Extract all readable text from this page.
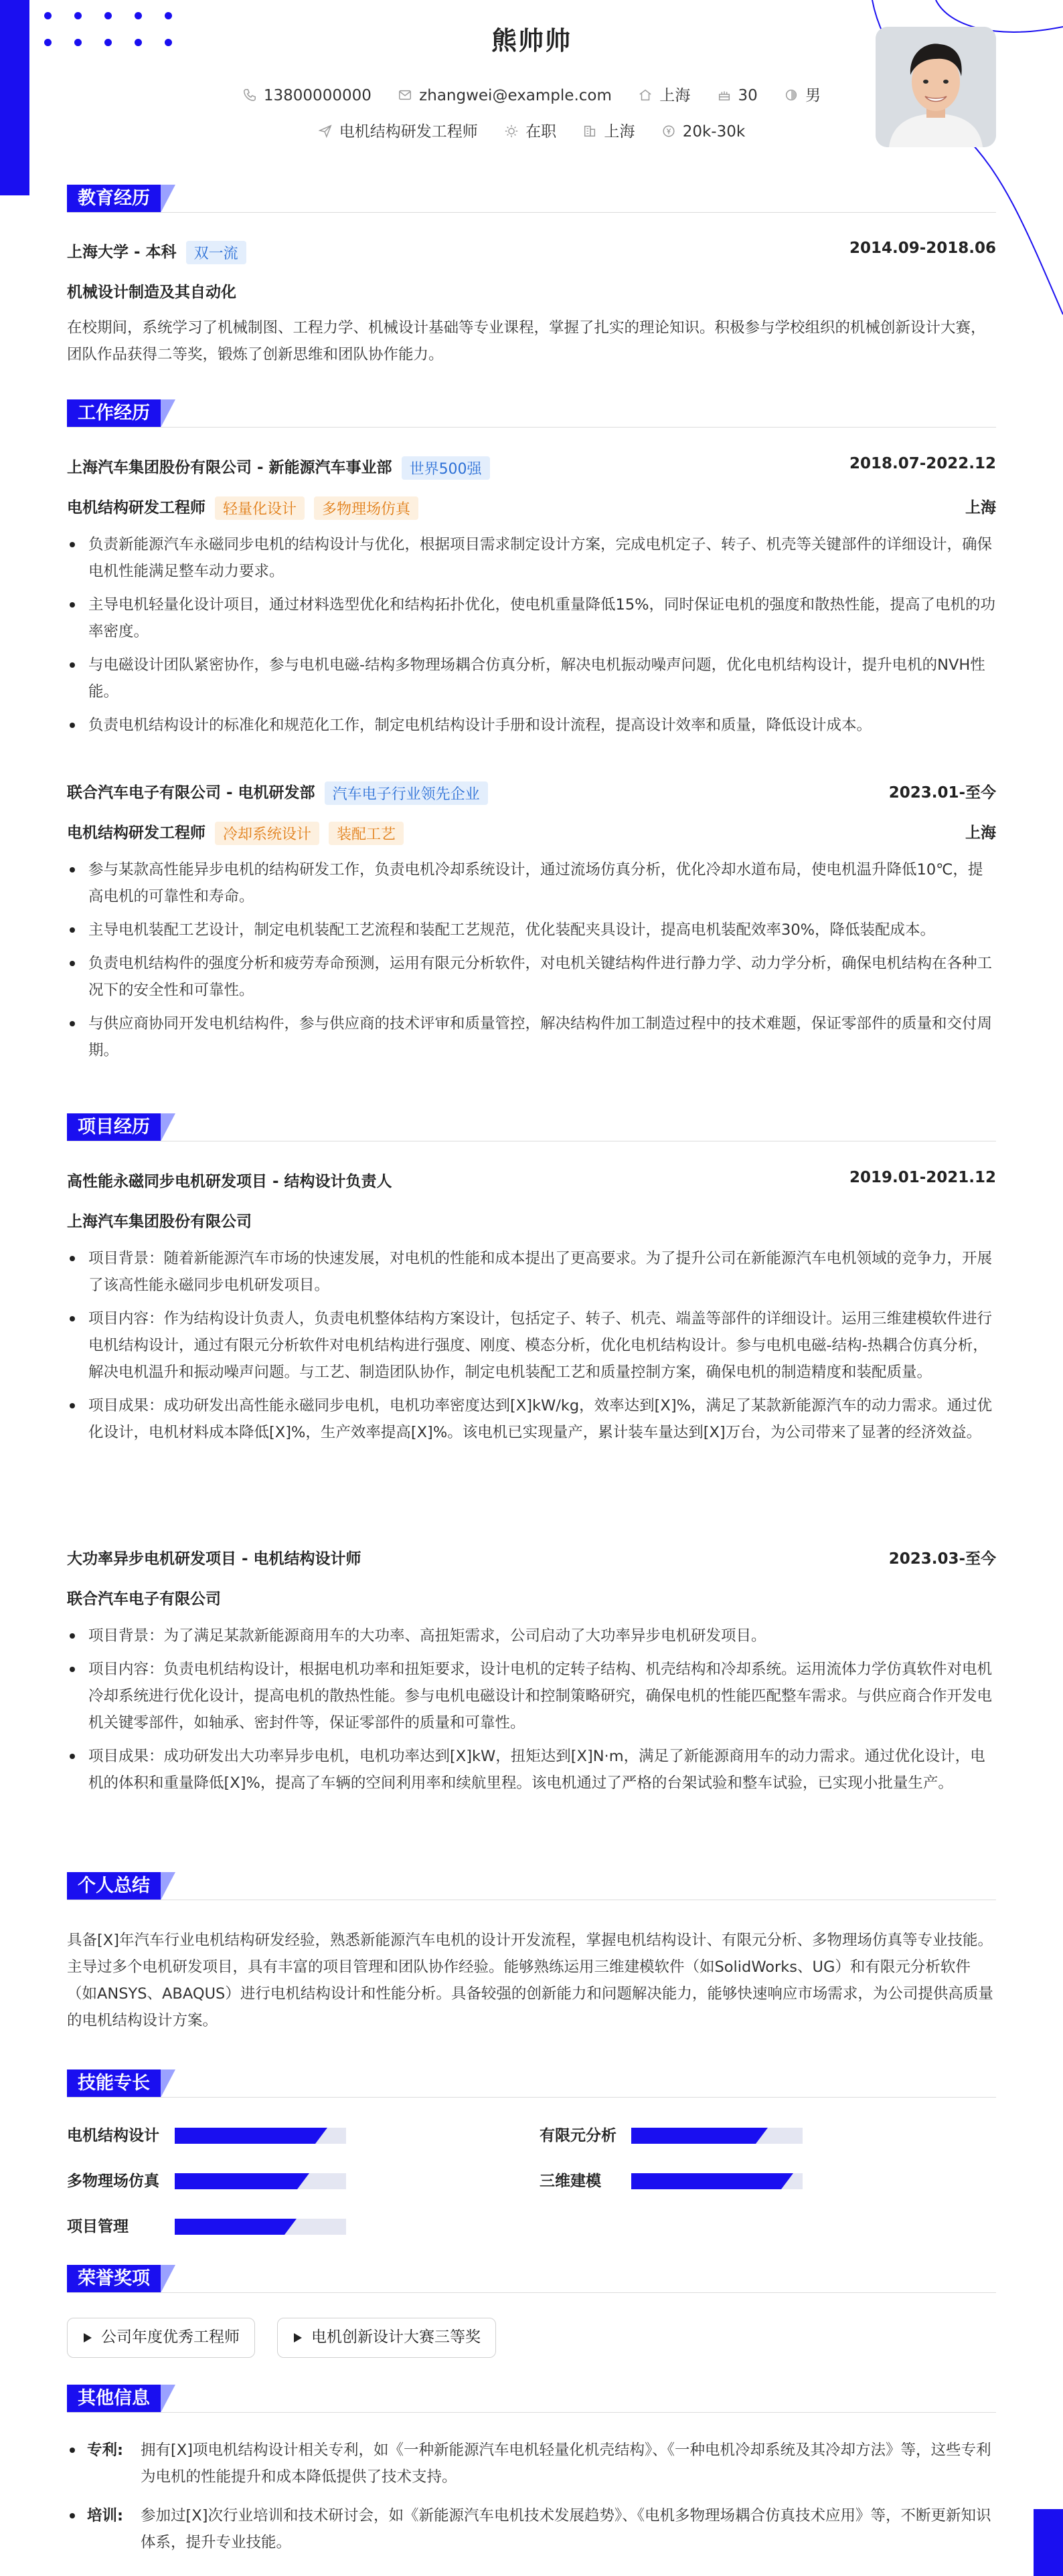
熊帅帅
13800000000	zhangwei@example.com	上海	30	男
电机结构研发工程师	在职	上海	20k-30k
教育经历
上海大学 - 本科 双一流	2014.09-2018.06
机械设计制造及其自动化
在校期间，系统学习了机械制图、工程力学、机械设计基础等专业课程，掌握了扎实的理论知识。积极参与学校组织的机械创新设计大赛，团队作品获得二等奖，锻炼了创新思维和团队协作能力。
工作经历
上海汽车集团股份有限公司 - 新能源汽车事业部 世界500强	2018.07-2022.12
电机结构研发工程师 轻量化设计 多物理场仿真	上海
负责新能源汽车永磁同步电机的结构设计与优化，根据项目需求制定设计方案，完成电机定子、转子、机壳等关键部件的详细设计，确保电机性能满足整车动力要求。
主导电机轻量化设计项目，通过材料选型优化和结构拓扑优化，使电机重量降低15%，同时保证电机的强度和散热性能，提高了电机的功率密度。
与电磁设计团队紧密协作，参与电机电磁-结构多物理场耦合仿真分析，解决电机振动噪声问题，优化电机结构设计，提升电机的NVH性能。
负责电机结构设计的标准化和规范化工作，制定电机结构设计手册和设计流程，提高设计效率和质量，降低设计成本。
联合汽车电子有限公司 - 电机研发部 汽车电子行业领先企业	2023.01-至今
电机结构研发工程师 冷却系统设计 装配工艺	上海
参与某款高性能异步电机的结构研发工作，负责电机冷却系统设计，通过流场仿真分析，优化冷却水道布局，使电机温升降低10℃，提高电机的可靠性和寿命。
主导电机装配工艺设计，制定电机装配工艺流程和装配工艺规范，优化装配夹具设计，提高电机装配效率30%，降低装配成本。
负责电机结构件的强度分析和疲劳寿命预测，运用有限元分析软件，对电机关键结构件进行静力学、动力学分析，确保电机结构在各种工况下的安全性和可靠性。
与供应商协同开发电机结构件，参与供应商的技术评审和质量管控，解决结构件加工制造过程中的技术难题，保证零部件的质量和交付周期。
项目经历
高性能永磁同步电机研发项目 - 结构设计负责人	2019.01-2021.12
上海汽车集团股份有限公司
项目背景：随着新能源汽车市场的快速发展，对电机的性能和成本提出了更高要求。为了提升公司在新能源汽车电机领域的竞争力，开展了该高性能永磁同步电机研发项目。
项目内容：作为结构设计负责人，负责电机整体结构方案设计，包括定子、转子、机壳、端盖等部件的详细设计。运用三维建模软件进行电机结构设计，通过有限元分析软件对电机结构进行强度、刚度、模态分析，优化电机结构设计。参与电机电磁-结构-热耦合仿真分析，解决电机温升和振动噪声问题。与工艺、制造团队协作，制定电机装配工艺和质量控制方案，确保电机的制造精度和装配质量。
项目成果：成功研发出高性能永磁同步电机，电机功率密度达到[X]kW/kg，效率达到[X]%，满足了某款新能源汽车的动力需求。通过优化设计，电机材料成本降低[X]%，生产效率提高[X]%。该电机已实现量产，累计装车量达到[X]万台，为公司带来了显著的经济效益。
大功率异步电机研发项目 - 电机结构设计师	2023.03-至今
联合汽车电子有限公司
项目背景：为了满足某款新能源商用车的大功率、高扭矩需求，公司启动了大功率异步电机研发项目。
项目内容：负责电机结构设计，根据电机功率和扭矩要求，设计电机的定转子结构、机壳结构和冷却系统。运用流体力学仿真软件对电机冷却系统进行优化设计，提高电机的散热性能。参与电机电磁设计和控制策略研究，确保电机的性能匹配整车需求。与供应商合作开发电机关键零部件，如轴承、密封件等，保证零部件的质量和可靠性。
项目成果：成功研发出大功率异步电机，电机功率达到[X]kW，扭矩达到[X]N·m，满足了新能源商用车的动力需求。通过优化设计，电机的体积和重量降低[X]%，提高了车辆的空间利用率和续航里程。该电机通过了严格的台架试验和整车试验，已实现小批量生产。
个人总结
具备[X]年汽车行业电机结构研发经验，熟悉新能源汽车电机的设计开发流程，掌握电机结构设计、有限元分析、多物理场仿真等专业技能。主导过多个电机研发项目，具有丰富的项目管理和团队协作经验。能够熟练运用三维建模软件（如SolidWorks、UG）和有限元分析软件（如ANSYS、ABAQUS）进行电机结构设计和性能分析。具备较强的创新能力和问题解决能力，能够快速响应市场需求，为公司提供高质量的电机结构设计方案。
技能专长
电机结构设计	有限元分析
多物理场仿真	三维建模
项目管理
荣誉奖项
公司年度优秀工程师	电机创新设计大赛三等奖
其他信息
专利: 拥有[X]项电机结构设计相关专利，如《一种新能源汽车电机轻量化机壳结构》、《一种电机冷却系统及其冷却方法》等，这些专利为电机的性能提升和成本降低提供了技术支持。
培训: 参加过[X]次行业培训和技术研讨会，如《新能源汽车电机技术发展趋势》、《电机多物理场耦合仿真技术应用》等，不断更新知识体系，提升专业技能。
